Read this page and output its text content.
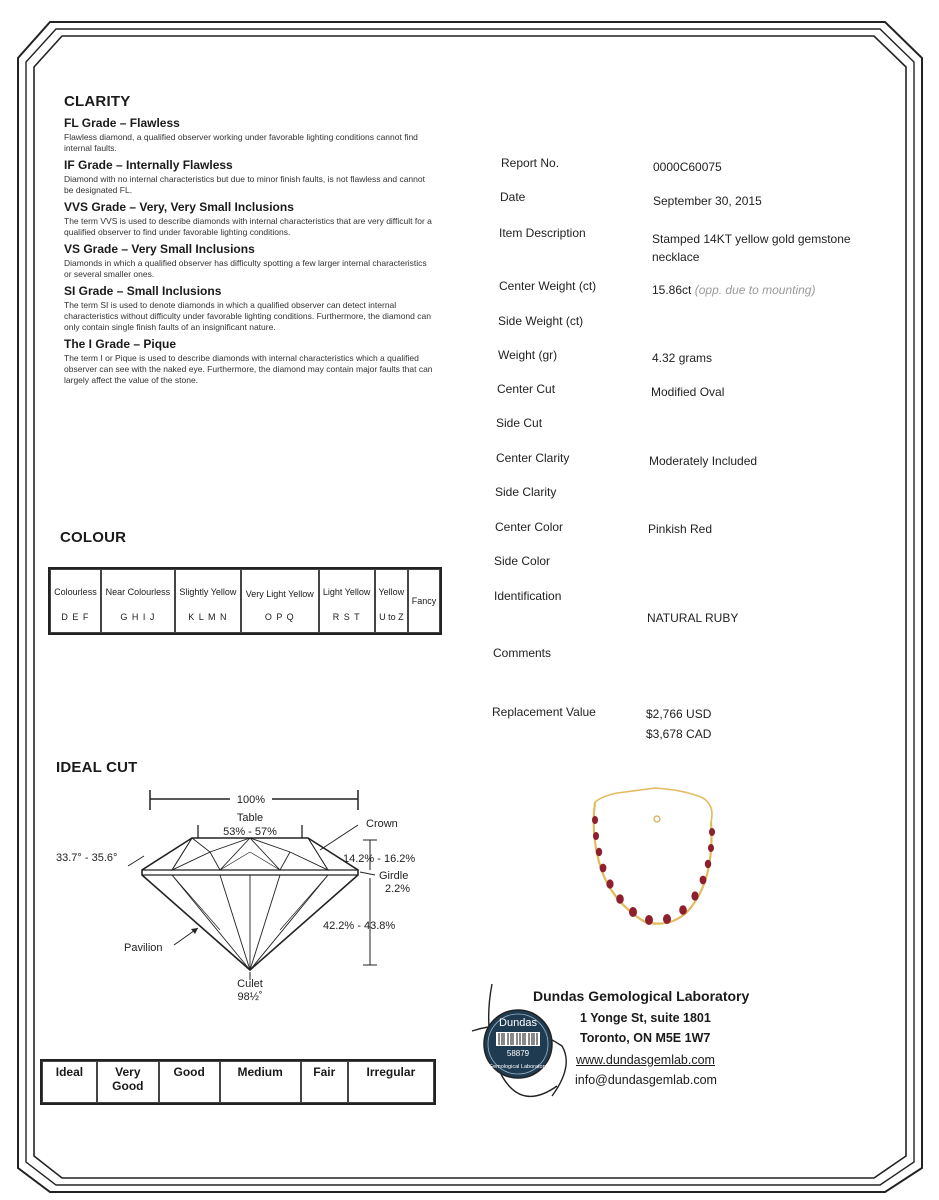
CLARITY
FL Grade – Flawless
Flawless diamond, a qualified observer working under favorable lighting conditions cannot find internal faults.
IF Grade – Internally Flawless
Diamond with no internal characteristics but due to minor finish faults, is not flawless and cannot be designated FL.
VVS Grade – Very, Very Small Inclusions
The term VVS is used to describe diamonds with internal characteristics that are very difficult for a qualified observer to find under favorable lighting conditions.
VS Grade – Very Small Inclusions
Diamonds in which a qualified observer has difficulty spotting a few larger internal characteristics or several smaller ones.
SI Grade – Small Inclusions
The term SI is used to denote diamonds in which a qualified observer can detect internal characteristics without difficulty under favorable lighting conditions. Furthermore, the diamond can only contain single finish faults of an insignificant nature.
The I Grade – Pique
The term I or Pique is used to describe diamonds with internal characteristics which a qualified observer can see with the naked eye. Furthermore, the diamond may contain major faults that can largely affect the value of the stone.
COLOUR
Colourless
D E F

Near Colourless
G H I J

Slightly Yellow
K L M N

Very Light Yellow
O P Q

Light Yellow
R S T

Yellow
U to Z

Fancy
IDEAL CUT
100%
Table
53% - 57%
Crown
33.7° - 35.6°	14.2% - 16.2%
Girdle
2.2%
42.2% - 43.8%
Pavilion
Culet
98½˚
Ideal	Very Good	Good	Medium	Fair	Irregular
Report No.	0000C60075
Date	September 30, 2015
Item Description	Stamped 14KT yellow gold gemstone necklace
Center Weight (ct)	15.86ct (opp. due to mounting)
Side Weight (ct)
Weight (gr)	4.32 grams
Center Cut	Modified Oval
Side Cut
Center Clarity	Moderately Included
Side Clarity
Center Color	Pinkish Red
Side Color
Identification
NATURAL RUBY
Comments
Replacement Value	$2,766 USD
$3,678 CAD
Dundas
58879
Gemological Laboratory
Dundas Gemological Laboratory
1 Yonge St, suite 1801
Toronto, ON M5E 1W7
www.dundasgemlab.com
info@dundasgemlab.com
